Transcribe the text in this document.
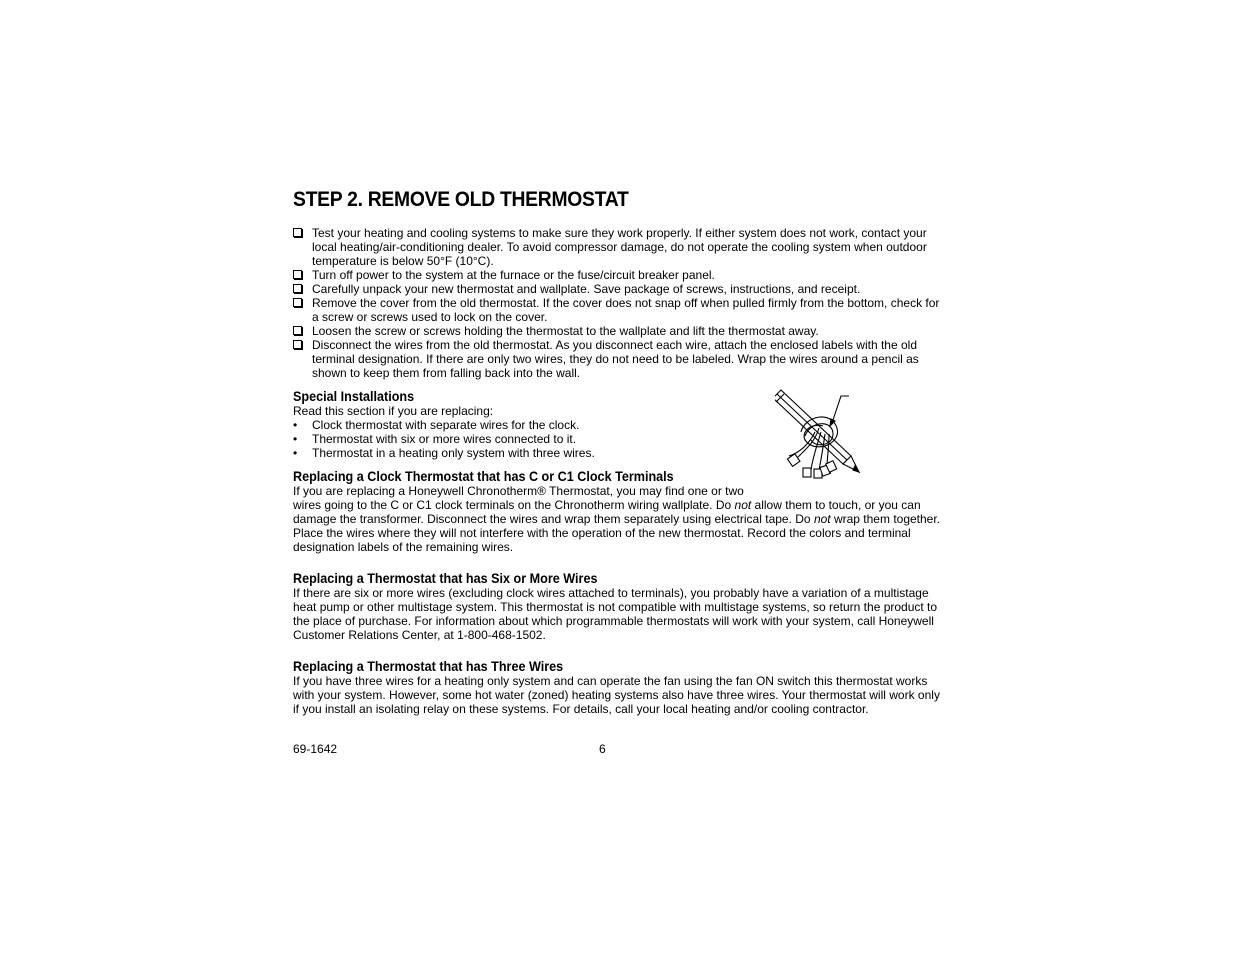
STEP 2. REMOVE OLD THERMOSTAT
Test your heating and cooling systems to make sure they work properly. If either system does not work, contact your local heating/air-conditioning dealer. To avoid compressor damage, do not operate the cooling system when outdoor temperature is below 50°F (10°C).
Turn off power to the system at the furnace or the fuse/circuit breaker panel.
Carefully unpack your new thermostat and wallplate. Save package of screws, instructions, and receipt.
Remove the cover from the old thermostat. If the cover does not snap off when pulled firmly from the bottom, check for a screw or screws used to lock on the cover.
Loosen the screw or screws holding the thermostat to the wallplate and lift the thermostat away.
Disconnect the wires from the old thermostat. As you disconnect each wire, attach the enclosed labels with the old terminal designation. If there are only two wires, they do not need to be labeled. Wrap the wires around a pencil as shown to keep them from falling back into the wall.
Special Installations

Read this section if you are replacing:

• Clock thermostat with separate wires for the clock.
• Thermostat with six or more wires connected to it.
• Thermostat in a heating only system with three wires.
Replacing a Clock Thermostat that has C or C1 Clock Terminals

If you are replacing a Honeywell Chronotherm® Thermostat, you may find one or two
wires going to the C or C1 clock terminals on the Chronotherm wiring wallplate. Do not allow them to touch, or you can damage the transformer. Disconnect the wires and wrap them separately using electrical tape. Do not wrap them together. Place the wires where they will not interfere with the operation of the new thermostat. Record the colors and terminal designation labels of the remaining wires.

Replacing a Thermostat that has Six or More Wires

If there are six or more wires (excluding clock wires attached to terminals), you probably have a variation of a multistage heat pump or other multistage system. This thermostat is not compatible with multistage systems, so return the product to the place of purchase. For information about which programmable thermostats will work with your system, call Honeywell Customer Relations Center, at 1-800-468-1502.

Replacing a Thermostat that has Three Wires

If you have three wires for a heating only system and can operate the fan using the fan ON switch this thermostat works with your system. However, some hot water (zoned) heating systems also have three wires. Your thermostat will work only if you install an isolating relay on these systems. For details, call your local heating and/or cooling contractor.

69-1642	6
